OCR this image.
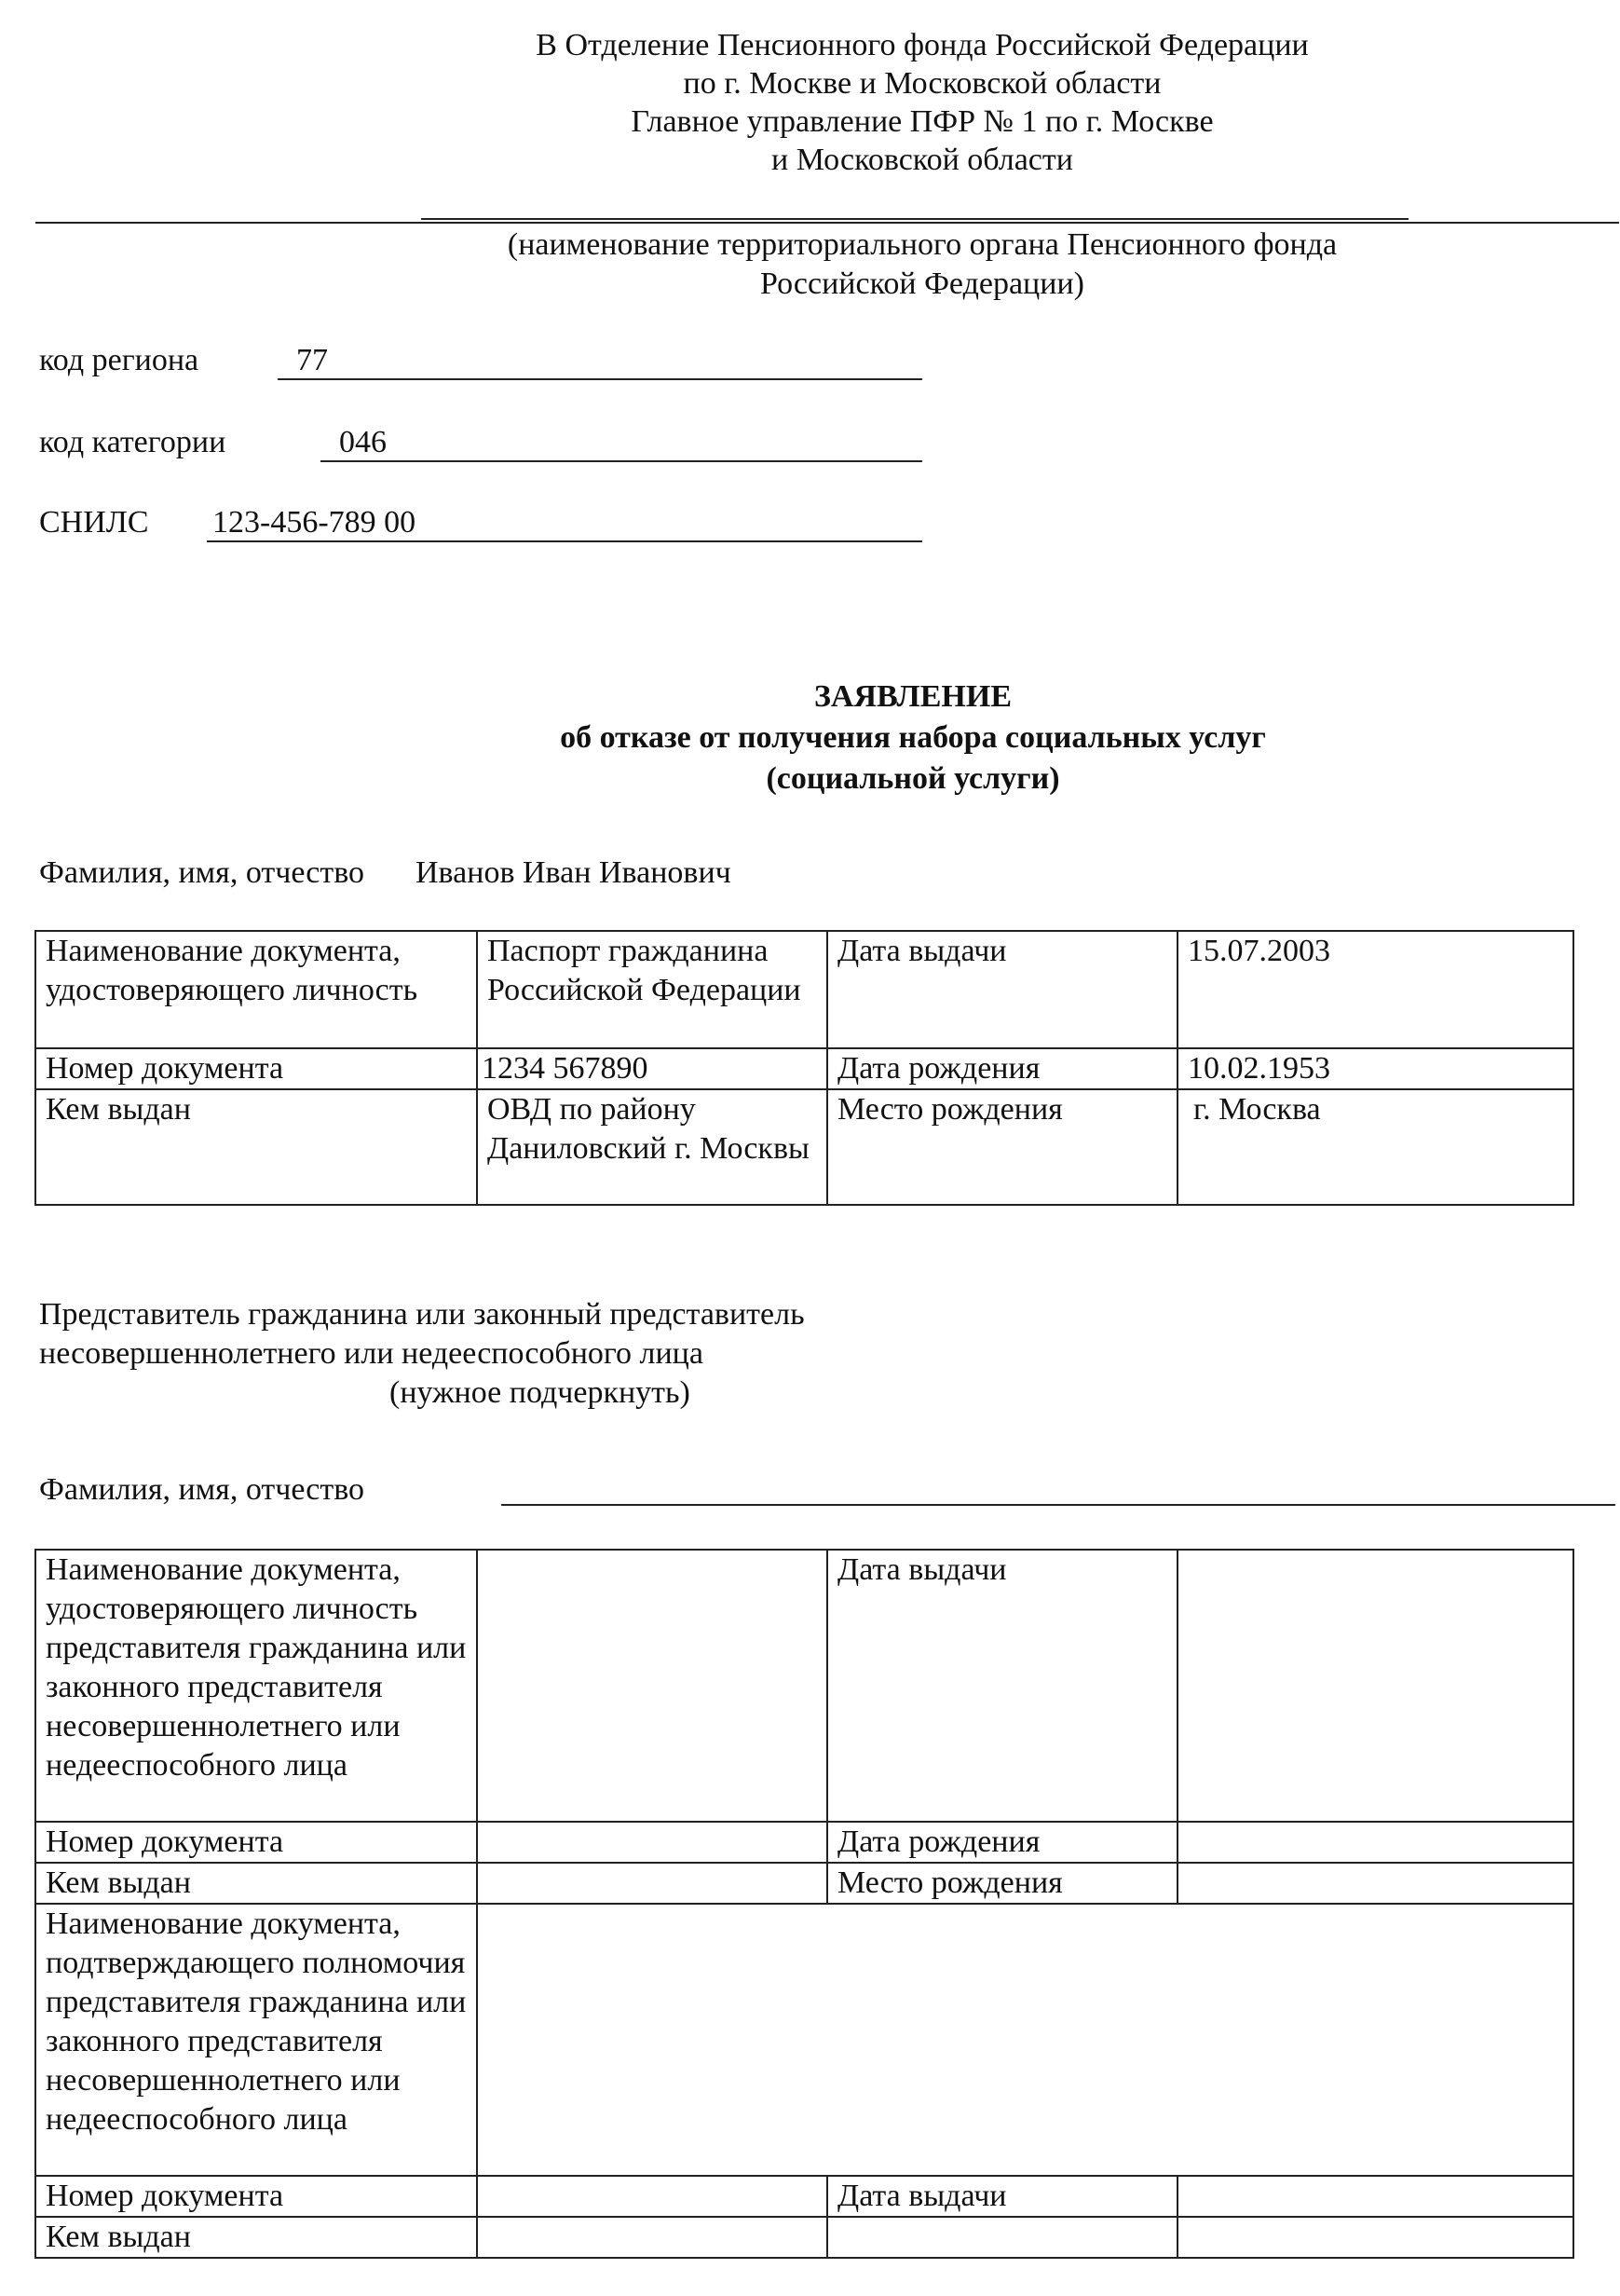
В Отделение Пенсионного фонда Российской Федерации
по г. Москве и Московской области
Главное управление ПФР № 1 по г. Москве
и Московской области
(наименование территориального органа Пенсионного фонда
Российской Федерации)
код региона	77
код категории	046
СНИЛС 123-456-789 00
ЗАЯВЛЕНИЕ
об отказе от получения набора социальных услуг
(социальной услуги)
Фамилия, имя, отчество Иванов Иван Иванович
Наименование документа, удостоверяющего личность	Паспорт гражданина Российской Федерации	Дата выдачи	15.07.2003
Номер документа	1234 567890	Дата рождения	10.02.1953
Кем выдан	ОВД по району Даниловский г. Москвы	Место рождения	г. Москва
Представитель гражданина или законный представитель
несовершеннолетнего или недееспособного лица
(нужное подчеркнуть)
Фамилия, имя, отчество
Наименование документа, удостоверяющего личность представителя гражданина или законного представителя несовершеннолетнего или недееспособного лица		Дата выдачи	
Номер документа		Дата рождения	
Кем выдан		Место рождения	
Наименование документа, подтверждающего полномочия представителя гражданина или законного представителя несовершеннолетнего или недееспособного лица			
Номер документа		Дата выдачи	
Кем выдан			
